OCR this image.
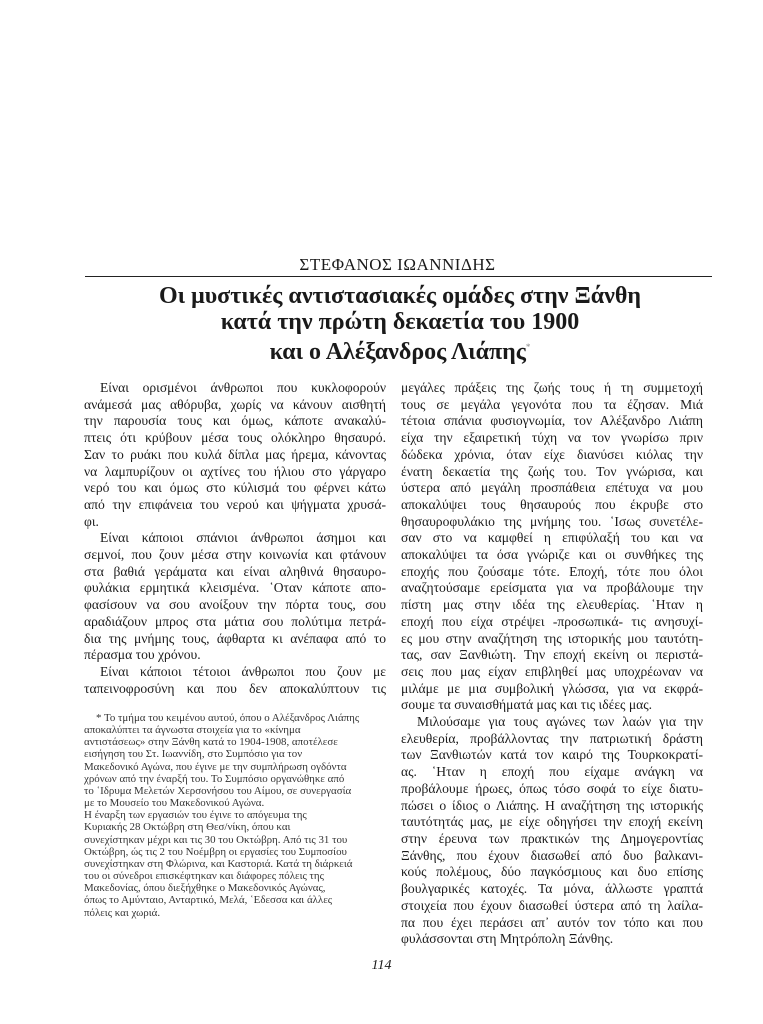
ΣΤΕΦΑΝΟΣ ΙΩΑΝΝΙΔΗΣ
Οι μυστικές αντιστασιακές ομάδες στην Ξάνθη
κατά την πρώτη δεκαετία του 1900
και ο Αλέξανδρος Λιάπης*
Είναι ορισμένοι άνθρωποι που κυκλοφορούν
ανάμεσά μας αθόρυβα, χωρίς να κάνουν αισθητή
την παρουσία τους και όμως, κάποτε ανακαλύ-
πτεις ότι κρύβουν μέσα τους ολόκληρο θησαυρό.
Σαν το ρυάκι που κυλά δίπλα μας ήρεμα, κάνοντας
να λαμπυρίζουν οι αχτίνες του ήλιου στο γάργαρο
νερό του και όμως στο κύλισμά του φέρνει κάτω
από την επιφάνεια του νερού και ψήγματα χρυσά-
φι.
Είναι κάποιοι σπάνιοι άνθρωποι άσημοι και
σεμνοί, που ζουν μέσα στην κοινωνία και φτάνουν
στα βαθιά γεράματα και είναι αληθινά θησαυρο-
φυλάκια ερμητικά κλεισμένα. ῾Οταν κάποτε απο-
φασίσουν να σου ανοίξουν την πόρτα τους, σου
αραδιάζουν μπρος στα μάτια σου πολύτιμα πετρά-
δια της μνήμης τους, άφθαρτα κι ανέπαφα από το
πέρασμα του χρόνου.
Είναι κάποιοι τέτοιοι άνθρωποι που ζουν με
ταπεινοφροσύνη και που δεν αποκαλύπτουν τις
μεγάλες πράξεις της ζωής τους ή τη συμμετοχή
τους σε μεγάλα γεγονότα που τα έζησαν. Μιά
τέτοια σπάνια φυσιογνωμία, τον Αλέξανδρο Λιάπη
είχα την εξαιρετική τύχη να τον γνωρίσω πριν
δώδεκα χρόνια, όταν είχε διανύσει κιόλας την
ένατη δεκαετία της ζωής του. Τον γνώρισα, και
ύστερα από μεγάλη προσπάθεια επέτυχα να μου
αποκαλύψει τους θησαυρούς που έκρυβε στο
θησαυροφυλάκιο της μνήμης του. ῾Ισως συνετέλε-
σαν στο να καμφθεί η επιφύλαξή του και να
αποκαλύψει τα όσα γνώριζε και οι συνθήκες της
εποχής που ζούσαμε τότε. Εποχή, τότε που όλοι
αναζητούσαμε ερείσματα για να προβάλουμε την
πίστη μας στην ιδέα της ελευθερίας. ῾Ηταν η
εποχή που είχα στρέψει -προσωπικά- τις ανησυχί-
ες μου στην αναζήτηση της ιστορικής μου ταυτότη-
τας, σαν Ξανθιώτη. Την εποχή εκείνη οι περιστά-
σεις που μας είχαν επιβληθεί μας υποχρέωναν να
μιλάμε με μια συμβολική γλώσσα, για να εκφρά-
σουμε τα συναισθήματά μας και τις ιδέες μας.
Μιλούσαμε για τους αγώνες των λαών για την
ελευθερία, προβάλλοντας την πατριωτική δράστη
των Ξανθιωτών κατά τον καιρό της Τουρκοκρατί-
ας. ῾Ηταν η εποχή που είχαμε ανάγκη να
προβάλουμε ήρωες, όπως τόσο σοφά το είχε διατυ-
πώσει ο ίδιος ο Λιάπης. Η αναζήτηση της ιστορικής
ταυτότητάς μας, με είχε οδηγήσει την εποχή εκείνη
στην έρευνα των πρακτικών της Δημογεροντίας
Ξάνθης, που έχουν διασωθεί από δυο βαλκανι-
κούς πολέμους, δύο παγκόσμιους και δυο επίσης
βουλγαρικές κατοχές. Τα μόνα, άλλωστε γραπτά
στοιχεία που έχουν διασωθεί ύστερα από τη λαίλα-
πα που έχει περάσει απ᾽ αυτόν τον τόπο και που
φυλάσσονται στη Μητρόπολη Ξάνθης.
* Το τμήμα του κειμένου αυτού, όπου ο Αλέξανδρος Λιάπης
αποκαλύπτει τα άγνωστα στοιχεία για το «κίνημα
αντιστάσεως» στην Ξάνθη κατά το 1904-1908, αποτέλεσε
εισήγηση του Στ. Ιωαννίδη, στο Συμπόσιο για τον
Μακεδονικό Αγώνα, που έγινε με την συμπλήρωση ογδόντα
χρόνων από την έναρξή του. Το Συμπόσιο οργανώθηκε από
το ῾Ιδρυμα Μελετών Χερσονήσου του Αίμου, σε συνεργασία
με το Μουσείο του Μακεδονικού Αγώνα.
Η έναρξη των εργασιών του έγινε το απόγευμα της
Κυριακής 28 Οκτώβρη στη Θεσ/νίκη, όπου και
συνεχίστηκαν μέχρι και τις 30 του Οκτώβρη. Από τις 31 του
Οκτώβρη, ώς τις 2 του Νοέμβρη οι εργασίες του Συμποσίου
συνεχίστηκαν στη Φλώρινα, και Καστοριά. Κατά τη διάρκειά
του οι σύνεδροι επισκέφτηκαν και διάφορες πόλεις της
Μακεδονίας, όπου διεξήχθηκε ο Μακεδονικός Αγώνας,
όπως το Αμύνταιο, Ανταρτικό, Μελά, ῾Εδεσσα και άλλες
πόλεις και χωριά.
114
